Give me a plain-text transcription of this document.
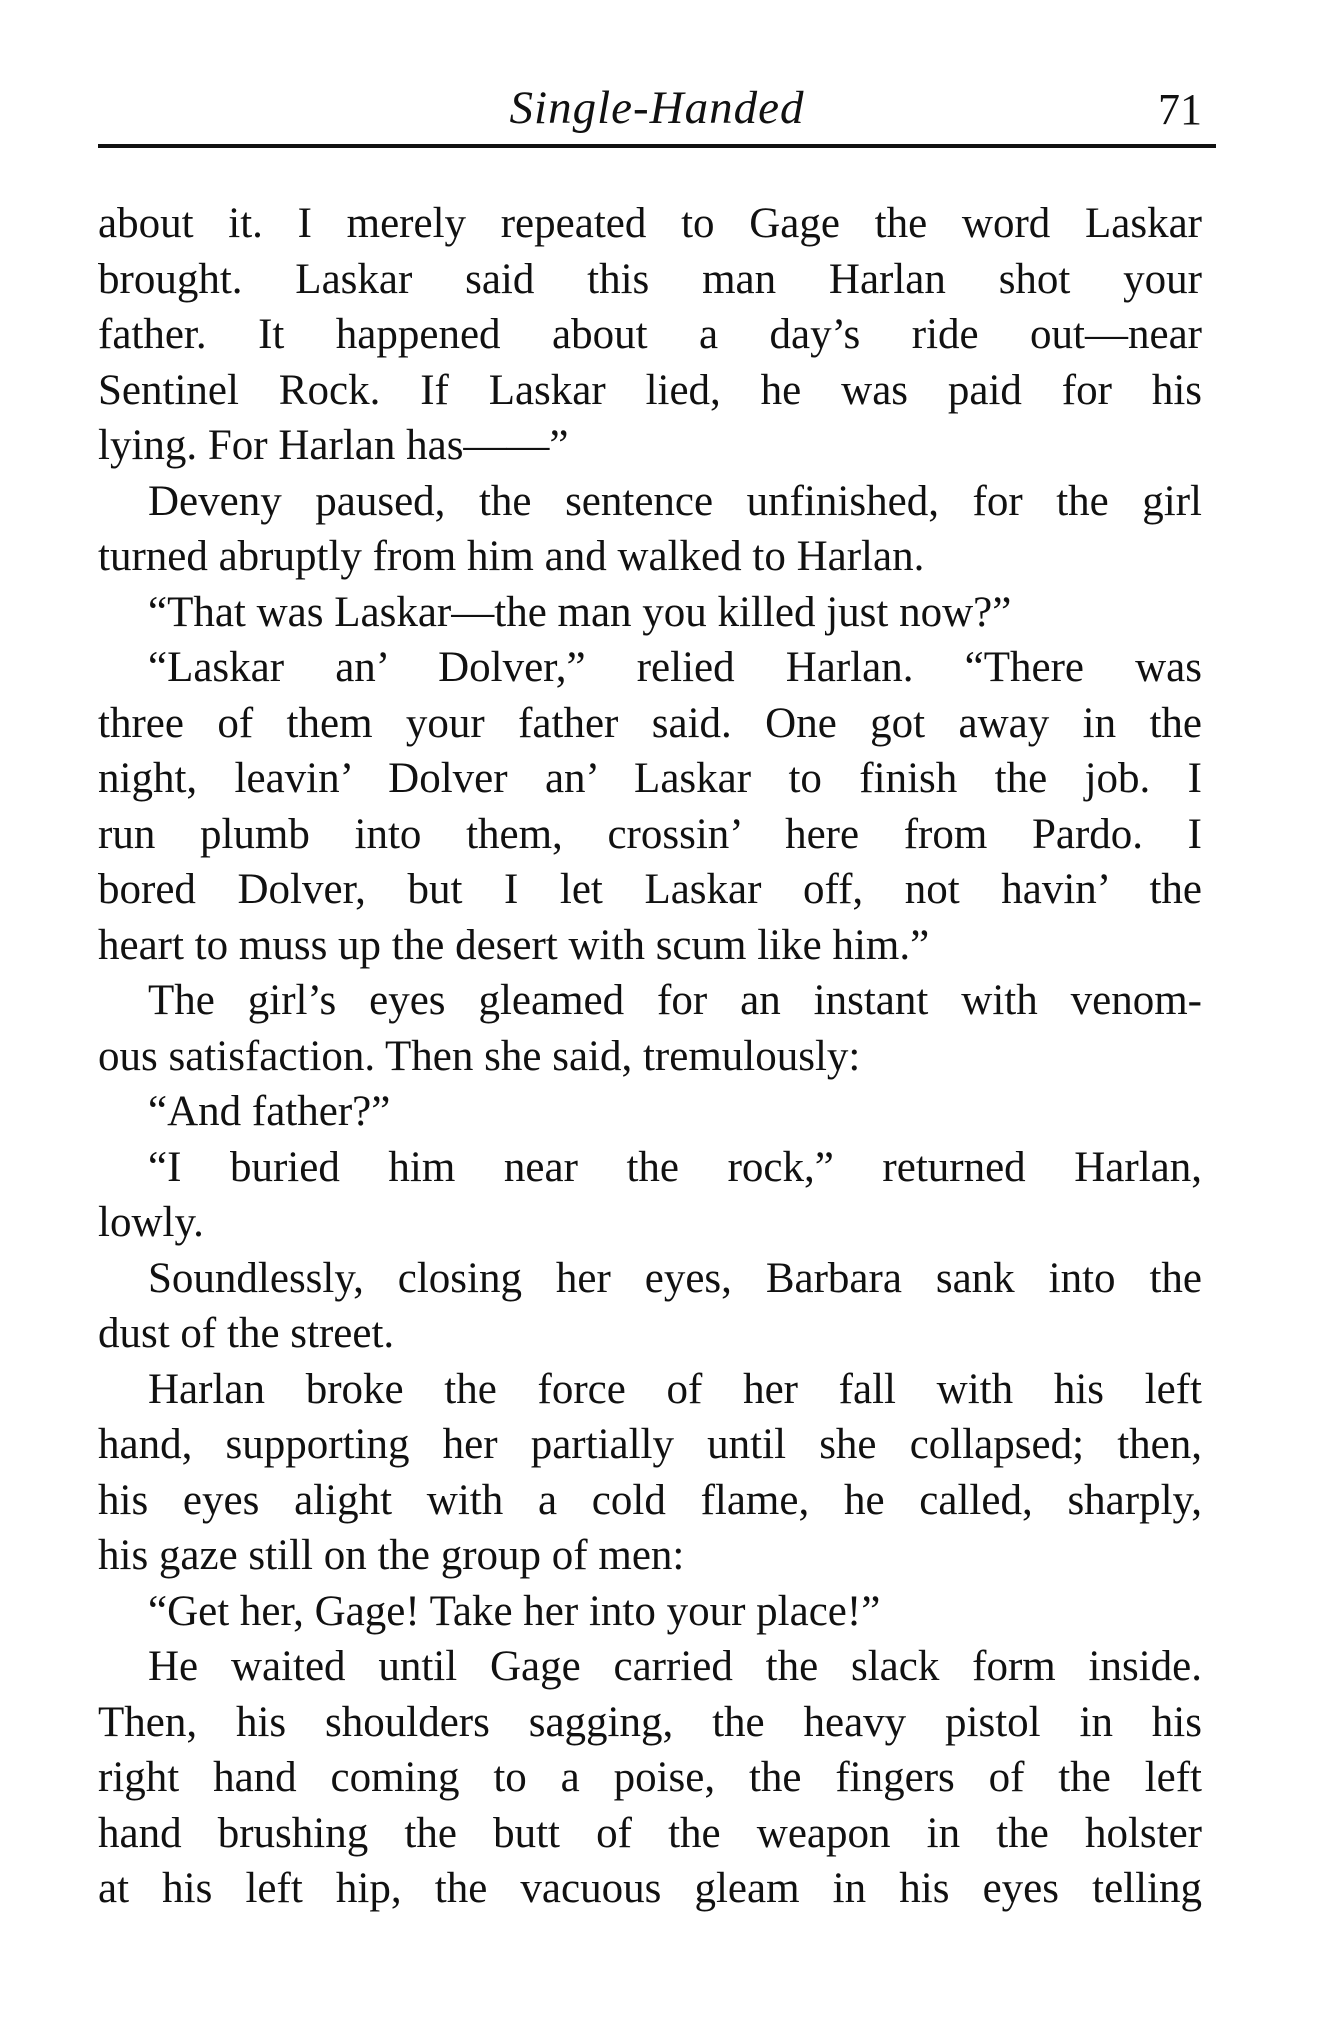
Single-Handed	71
about it. I merely repeated to Gage the word Laskar
brought. Laskar said this man Harlan shot your
father. It happened about a day’s ride out—near
Sentinel Rock. If Laskar lied, he was paid for his
lying. For Harlan has——”
Deveny paused, the sentence unfinished, for the girl
turned abruptly from him and walked to Harlan.
“That was Laskar—the man you killed just now?”
“Laskar an’ Dolver,” relied Harlan. “There was
three of them your father said. One got away in the
night, leavin’ Dolver an’ Laskar to finish the job. I
run plumb into them, crossin’ here from Pardo. I
bored Dolver, but I let Laskar off, not havin’ the
heart to muss up the desert with scum like him.”
The girl’s eyes gleamed for an instant with venom-
ous satisfaction. Then she said, tremulously:
“And father?”
“I buried him near the rock,” returned Harlan,
lowly.
Soundlessly, closing her eyes, Barbara sank into the
dust of the street.
Harlan broke the force of her fall with his left
hand, supporting her partially until she collapsed; then,
his eyes alight with a cold flame, he called, sharply,
his gaze still on the group of men:
“Get her, Gage! Take her into your place!”
He waited until Gage carried the slack form inside.
Then, his shoulders sagging, the heavy pistol in his
right hand coming to a poise, the fingers of the left
hand brushing the butt of the weapon in the holster
at his left hip, the vacuous gleam in his eyes telling
